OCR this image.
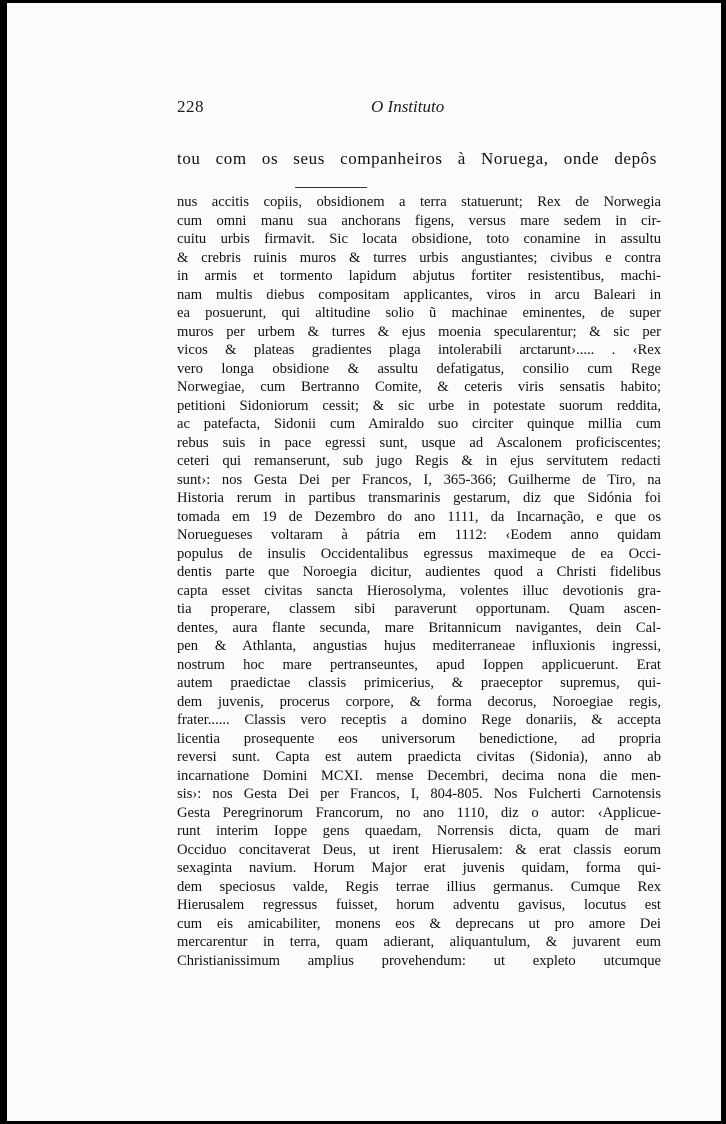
228	O Instituto
tou com os seus companheiros à Noruega, onde depôs
nus accitis copiis, obsidionem a terra statuerunt; Rex de Norwegia
cum omni manu sua anchorans figens, versus mare sedem in cir-
cuitu urbis firmavit. Sic locata obsidione, toto conamine in assultu
& crebris ruinis muros & turres urbis angustiantes; civibus e contra
in armis et tormento lapidum abjutus fortiter resistentibus, machi-
nam multis diebus compositam applicantes, viros in arcu Baleari in
ea posuerunt, qui altitudine solio ũ machinae eminentes, de super
muros per urbem & turres & ejus moenia specularentur; & sic per
vicos & plateas gradientes plaga intolerabili arctarunt›..... . ‹Rex
vero longa obsidione & assultu defatigatus, consilio cum Rege
Norwegiae, cum Bertranno Comite, & ceteris viris sensatis habito;
petitioni Sidoniorum cessit; & sic urbe in potestate suorum reddita,
ac patefacta, Sidonii cum Amiraldo suo circiter quinque millia cum
rebus suis in pace egressi sunt, usque ad Ascalonem proficiscentes;
ceteri qui remanserunt, sub jugo Regis & in ejus servitutem redacti
sunt›: nos Gesta Dei per Francos, I, 365-366; Guilherme de Tiro, na
Historia rerum in partibus transmarinis gestarum, diz que Sidónia foi
tomada em 19 de Dezembro do ano 1111, da Incarnação, e que os
Noruegueses voltaram à pátria em 1112: ‹Eodem anno quidam
populus de insulis Occidentalibus egressus maximeque de ea Occi-
dentis parte que Noroegia dicitur, audientes quod a Christi fidelibus
capta esset civitas sancta Hierosolyma, volentes illuc devotionis gra-
tia properare, classem sibi paraverunt opportunam. Quam ascen-
dentes, aura flante secunda, mare Britannicum navigantes, dein Cal-
pen & Athlanta, angustias hujus mediterraneae influxionis ingressi,
nostrum hoc mare pertranseuntes, apud Ioppen applicuerunt. Erat
autem praedictae classis primicerius, & praeceptor supremus, qui-
dem juvenis, procerus corpore, & forma decorus, Noroegiae regis,
frater...... Classis vero receptis a domino Rege donariis, & accepta
licentia prosequente eos universorum benedictione, ad propria
reversi sunt. Capta est autem praedicta civitas (Sidonia), anno ab
incarnatione Domini MCXI. mense Decembri, decima nona die men-
sis›: nos Gesta Dei per Francos, I, 804-805. Nos Fulcherti Carnotensis
Gesta Peregrinorum Francorum, no ano 1110, diz o autor: ‹Applicue-
runt interim Ioppe gens quaedam, Norrensis dicta, quam de mari
Occiduo concitaverat Deus, ut irent Hierusalem: & erat classis eorum
sexaginta navium. Horum Major erat juvenis quidam, forma qui-
dem speciosus valde, Regis terrae illius germanus. Cumque Rex
Hierusalem regressus fuisset, horum adventu gavisus, locutus est
cum eis amicabiliter, monens eos & deprecans ut pro amore Dei
mercarentur in terra, quam adierant, aliquantulum, & juvarent eum
Christianissimum amplius provehendum: ut expleto utcumque
